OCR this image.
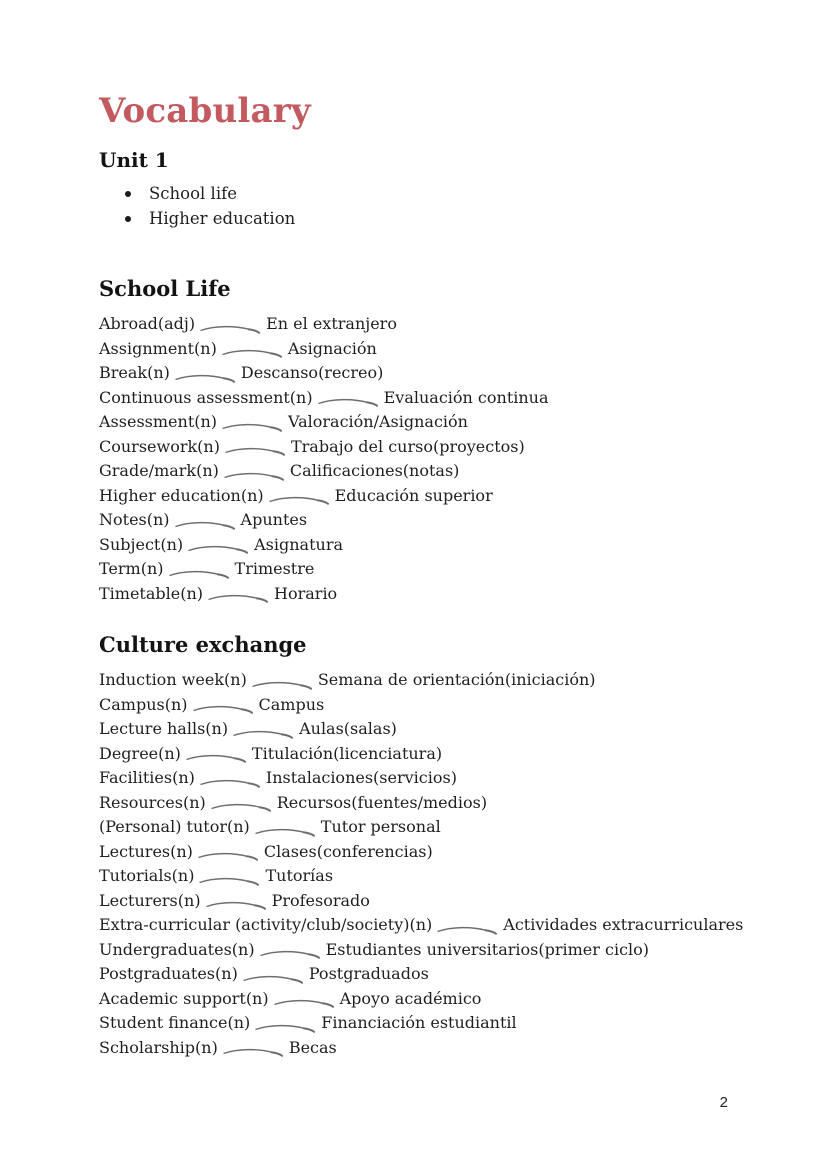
Vocabulary
Unit 1
School life
Higher education
School Life
Abroad(adj)	En el extranjero
Assignment(n)	Asignación
Break(n)	Descanso(recreo)
Continuous assessment(n)	Evaluación continua
Assessment(n)	Valoración/Asignación
Coursework(n)	Trabajo del curso(proyectos)
Grade/mark(n)	Calificaciones(notas)
Higher education(n)	Educación superior
Notes(n)	Apuntes
Subject(n)	Asignatura
Term(n)	Trimestre
Timetable(n)	Horario
Culture exchange
Induction week(n)	Semana de orientación(iniciación)
Campus(n)	Campus
Lecture halls(n)	Aulas(salas)
Degree(n)	Titulación(licenciatura)
Facilities(n)	Instalaciones(servicios)
Resources(n)	Recursos(fuentes/medios)
(Personal) tutor(n)	Tutor personal
Lectures(n)	Clases(conferencias)
Tutorials(n)	Tutorías
Lecturers(n)	Profesorado
Extra-curricular (activity/club/society)(n)	Actividades extracurriculares
Undergraduates(n)	Estudiantes universitarios(primer ciclo)
Postgraduates(n)	Postgraduados
Academic support(n)	Apoyo académico
Student finance(n)	Financiación estudiantil
Scholarship(n)	Becas
2
